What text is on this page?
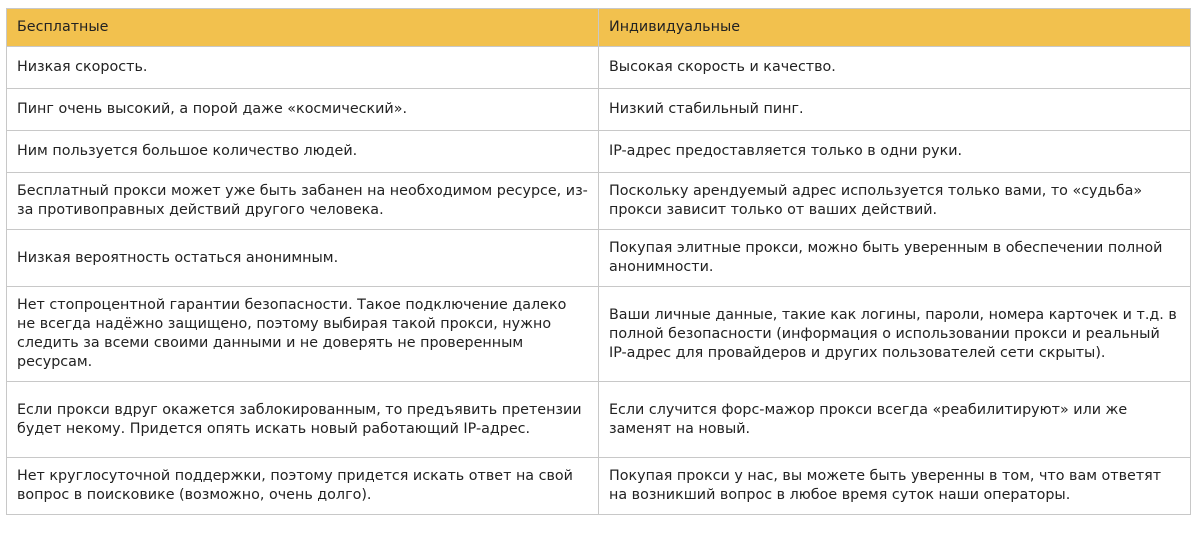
Бесплатные	Индивидуальные
Низкая скорость.	Высокая скорость и качество.
Пинг очень высокий, а порой даже «космический».	Низкий стабильный пинг.
Ним пользуется большое количество людей.	IP-адрес предоставляется только в одни руки.
Бесплатный прокси может уже быть забанен на необходимом ресурсе, из-за противоправных действий другого человека.	Поскольку арендуемый адрес используется только вами, то «судьба» прокси зависит только от ваших действий.
Низкая вероятность остаться анонимным.	Покупая элитные прокси, можно быть уверенным в обеспечении полной анонимности.
Нет стопроцентной гарантии безопасности. Такое подключение далеко не всегда надёжно защищено, поэтому выбирая такой прокси, нужно следить за всеми своими данными и не доверять не проверенным ресурсам.	Ваши личные данные, такие как логины, пароли, номера карточек и т.д. в полной безопасности (информация о использовании прокси и реальный IP-адрес для провайдеров и других пользователей сети скрыты).
Если прокси вдруг окажется заблокированным, то предъявить претензии будет некому. Придется опять искать новый работающий IP-адрес.	Если случится форс-мажор прокси всегда «реабилитируют» или же заменят на новый.
Нет круглосуточной поддержки, поэтому придется искать ответ на свой вопрос в поисковике (возможно, очень долго).	Покупая прокси у нас, вы можете быть уверенны в том, что вам ответят на возникший вопрос в любое время суток наши операторы.
